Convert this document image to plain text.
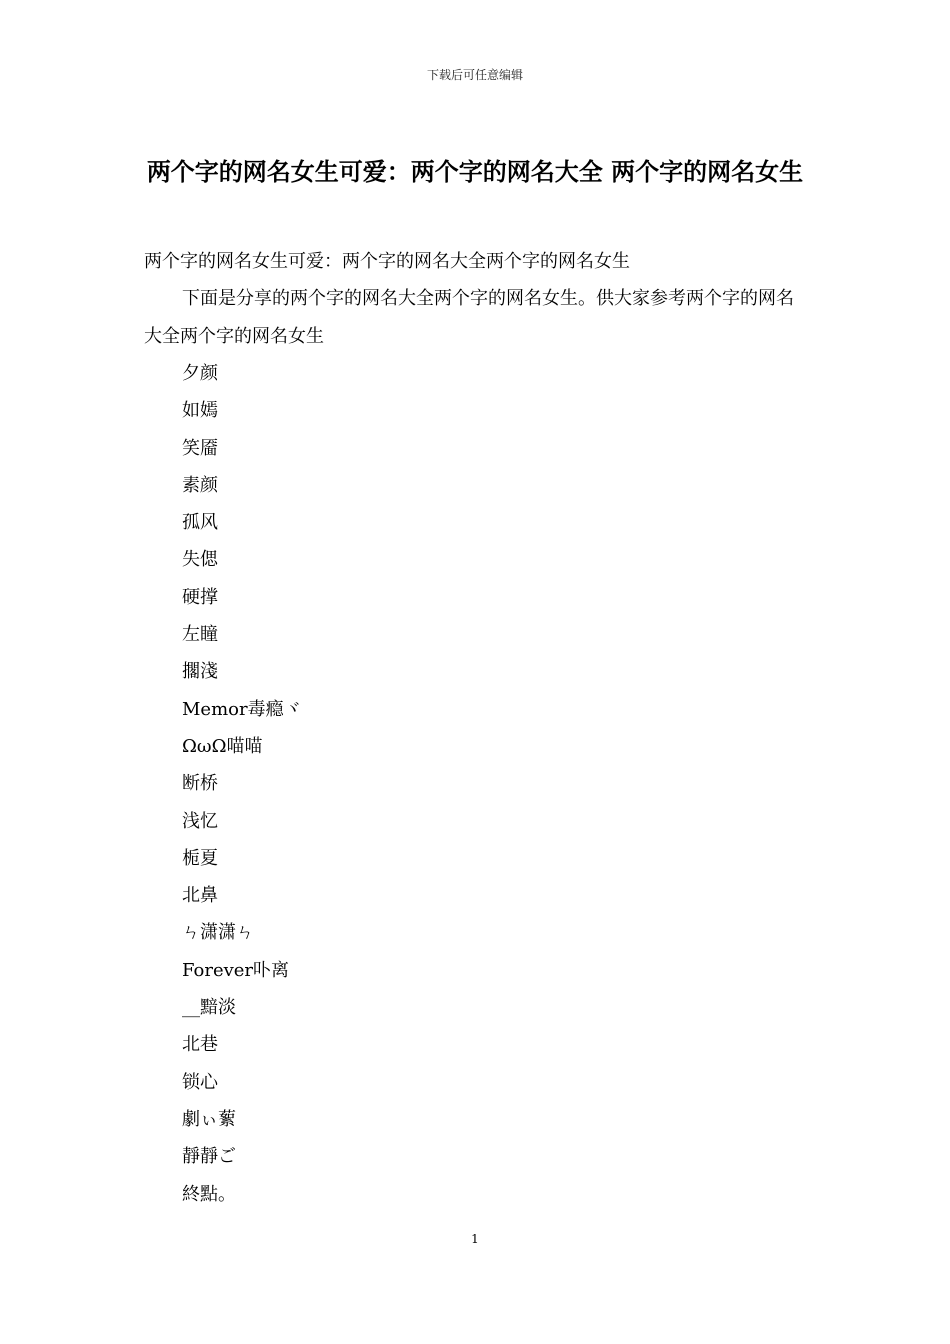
下载后可任意编辑
两个字的网名女生可爱：两个字的网名大全 两个字的网名女生
两个字的网名女生可爱：两个字的网名大全两个字的网名女生
下面是分享的两个字的网名大全两个字的网名女生。供大家参考两个字的网名大全两个字的网名女生
夕颜
如嫣
笑靥
素颜
孤风
失偲
硬撑
左瞳
擱淺
Memor毒瘾ヾ
ΩωΩ喵喵
断桥
浅忆
栀夏
北鼻
ㄣ潇潇ㄣ
Forever卟离
__黯淡
北巷
锁心
劇ぃ蕠
靜靜ご
終點。
1
